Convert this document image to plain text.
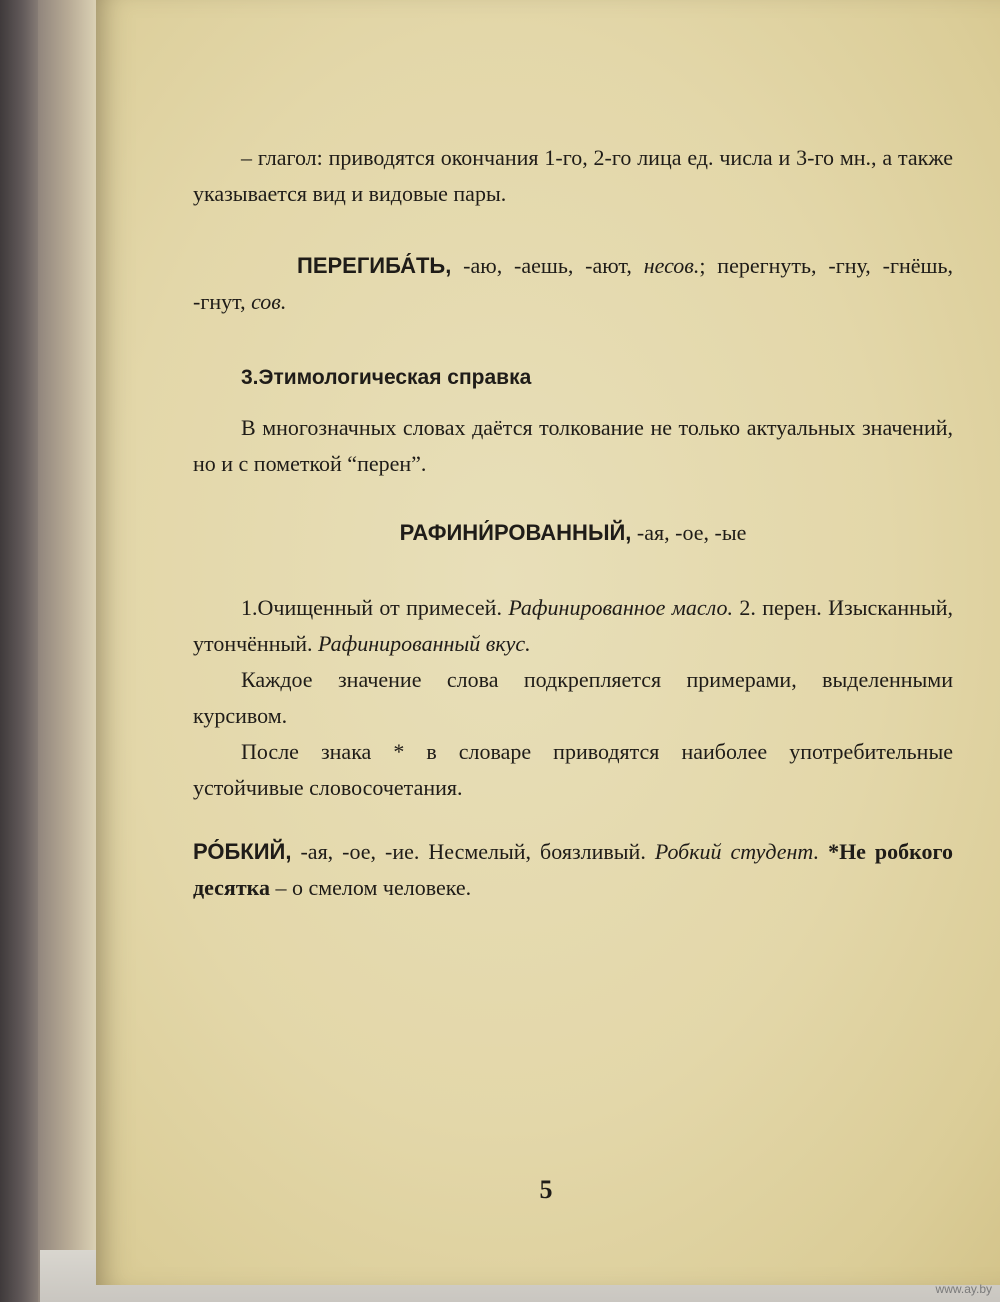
– глагол: приводятся окончания 1-го, 2-го лица ед. числа и 3-го мн., а также указывается вид и видовые пары.

ПЕРЕГИБА́ТЬ, -аю, -аешь, -ают, несов.; перегнуть, -гну, -гнёшь, -гнут, сов.

3.Этимологическая справка

В многозначных словах даётся толкование не только актуальных значений, но и с пометкой “перен”.

РАФИНИ́РОВАННЫЙ, -ая, -ое, -ые

1.Очищенный от примесей. Рафинированное масло. 2. перен. Изысканный, утончённый. Рафинированный вкус.

Каждое значение слова подкрепляется примерами, выделенными курсивом.

После знака * в словаре приводятся наиболее употребительные устойчивые словосочетания.

РО́БКИЙ, -ая, -ое, -ие. Несмелый, боязливый. Робкий студент. *Не робкого десятка – о смелом человеке.

5
www.ay.by
